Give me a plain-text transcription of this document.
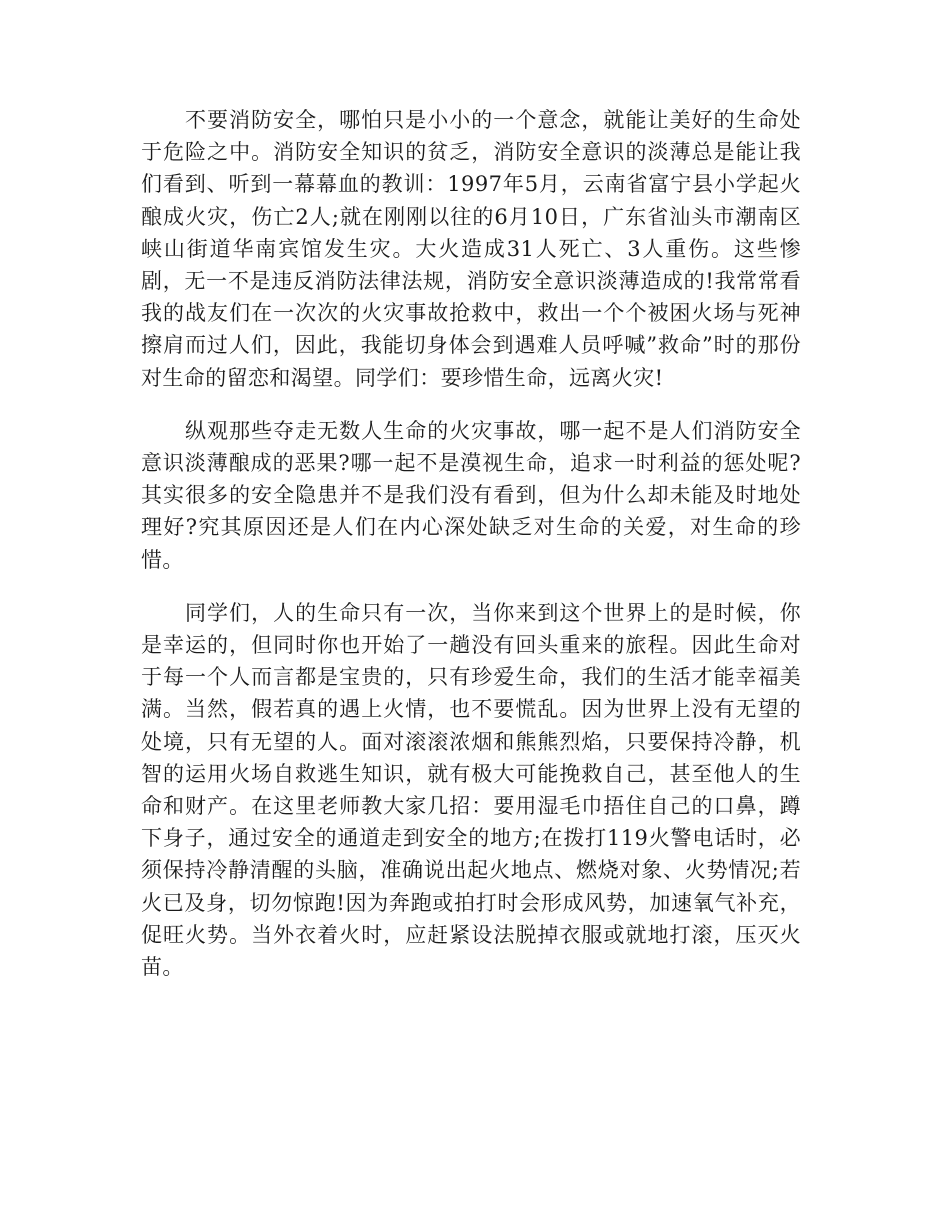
不要消防安全，哪怕只是小小的一个意念，就能让美好的生命处于危险之中。消防安全知识的贫乏，消防安全意识的淡薄总是能让我们看到、听到一幕幕血的教训：1997年5月，云南省富宁县小学起火酿成火灾，伤亡2人;就在刚刚以往的6月10日，广东省汕头市潮南区峡山街道华南宾馆发生灾。大火造成31人死亡、3人重伤。这些惨剧，无一不是违反消防法律法规，消防安全意识淡薄造成的!我常常看我的战友们在一次次的火灾事故抢救中，救出一个个被困火场与死神擦肩而过人们，因此，我能切身体会到遇难人员呼喊”救命”时的那份对生命的留恋和渴望。同学们：要珍惜生命，远离火灾!

纵观那些夺走无数人生命的火灾事故，哪一起不是人们消防安全意识淡薄酿成的恶果?哪一起不是漠视生命，追求一时利益的惩处呢?其实很多的安全隐患并不是我们没有看到，但为什么却未能及时地处理好?究其原因还是人们在内心深处缺乏对生命的关爱，对生命的珍惜。

同学们，人的生命只有一次，当你来到这个世界上的是时候，你是幸运的，但同时你也开始了一趟没有回头重来的旅程。因此生命对于每一个人而言都是宝贵的，只有珍爱生命，我们的生活才能幸福美满。当然，假若真的遇上火情，也不要慌乱。因为世界上没有无望的处境，只有无望的人。面对滚滚浓烟和熊熊烈焰，只要保持冷静，机智的运用火场自救逃生知识，就有极大可能挽救自己，甚至他人的生命和财产。在这里老师教大家几招：要用湿毛巾捂住自己的口鼻，蹲下身子，通过安全的通道走到安全的地方;在拨打119火警电话时，必须保持冷静清醒的头脑，准确说出起火地点、燃烧对象、火势情况;若火已及身，切勿惊跑!因为奔跑或拍打时会形成风势，加速氧气补充，促旺火势。当外衣着火时，应赶紧设法脱掉衣服或就地打滚，压灭火苗。
